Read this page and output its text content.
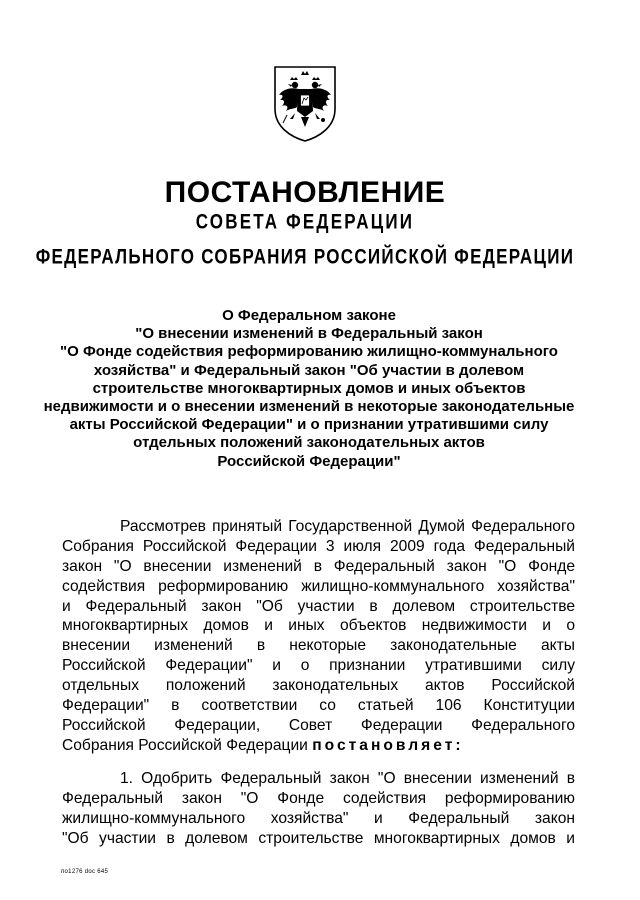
ПОСТАНОВЛЕНИЕ
СОВЕТА ФЕДЕРАЦИИ
ФЕДЕРАЛЬНОГО СОБРАНИЯ РОССИЙСКОЙ ФЕДЕРАЦИИ
О Федеральном законе
"О внесении изменений в Федеральный закон
"О Фонде содействия реформированию жилищно-коммунального
хозяйства" и Федеральный закон "Об участии в долевом
строительстве многоквартирных домов и иных объектов
недвижимости и о внесении изменений в некоторые законодательные
акты Российской Федерации" и о признании утратившими силу
отдельных положений законодательных актов
Российской Федерации"
Рассмотрев принятый Государственной Думой Федерального
Собрания Российской Федерации 3 июля 2009 года Федеральный
закон "О внесении изменений в Федеральный закон "О Фонде
содействия реформированию жилищно-коммунального хозяйства"
и Федеральный закон "Об участии в долевом строительстве
многоквартирных домов и иных объектов недвижимости и о
внесении изменений в некоторые законодательные акты
Российской Федерации" и о признании утратившими силу
отдельных положений законодательных актов Российской
Федерации" в соответствии со статьей 106 Конституции
Российской Федерации, Совет Федерации Федерального
Собрания Российской Федерации постановляет:
1. Одобрить Федеральный закон "О внесении изменений в
Федеральный закон "О Фонде содействия реформированию
жилищно-коммунального хозяйства" и Федеральный закон
"Об участии в долевом строительстве многоквартирных домов и
по1276 doc 645
